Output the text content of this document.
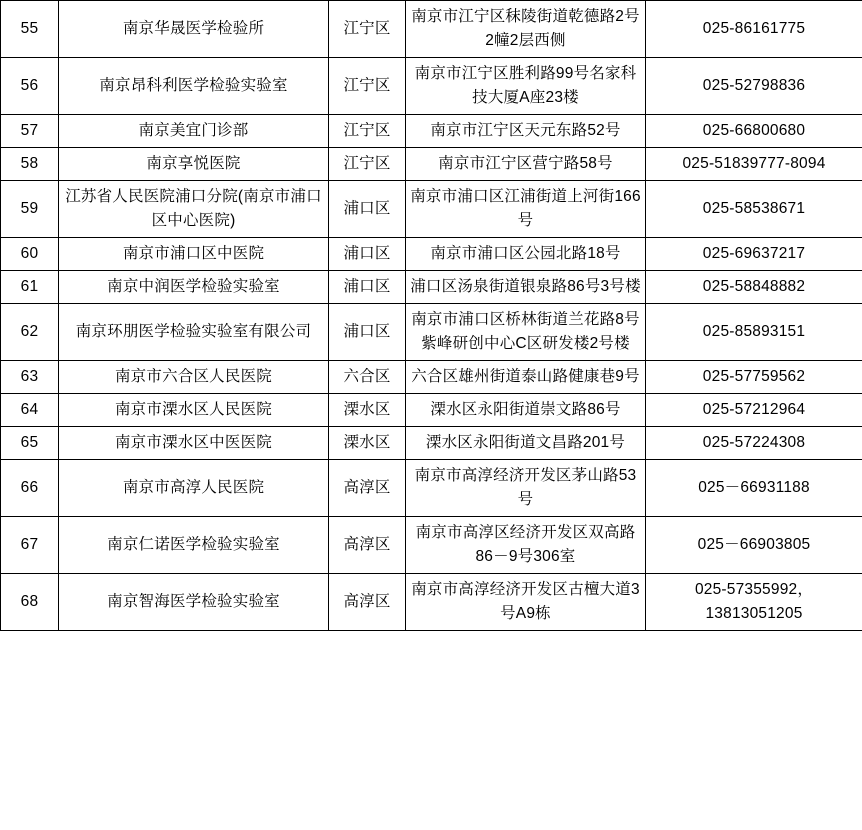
55	南京华晟医学检验所	江宁区	南京市江宁区秣陵街道乾德路2号2幢2层西侧	025-86161775
56	南京昂科利医学检验实验室	江宁区	南京市江宁区胜利路99号名家科技大厦A座23楼	025-52798836
57	南京美宜门诊部	江宁区	南京市江宁区天元东路52号	025-66800680
58	南京享悦医院	江宁区	南京市江宁区营宁路58号	025-51839777-8094
59	江苏省人民医院浦口分院(南京市浦口区中心医院)	浦口区	南京市浦口区江浦街道上河街166号	025-58538671
60	南京市浦口区中医院	浦口区	南京市浦口区公园北路18号	025-69637217
61	南京中润医学检验实验室	浦口区	浦口区汤泉街道银泉路86号3号楼	025-58848882
62	南京环朋医学检验实验室有限公司	浦口区	南京市浦口区桥林街道兰花路8号紫峰研创中心C区研发楼2号楼	025-85893151
63	南京市六合区人民医院	六合区	六合区雄州街道泰山路健康巷9号	025-57759562
64	南京市溧水区人民医院	溧水区	溧水区永阳街道崇文路86号	025-57212964
65	南京市溧水区中医医院	溧水区	溧水区永阳街道文昌路201号	025-57224308
66	南京市高淳人民医院	高淳区	南京市高淳经济开发区茅山路53号	025－66931188
67	南京仁诺医学检验实验室	高淳区	南京市高淳区经济开发区双高路86－9号306室	025－66903805
68	南京智海医学检验实验室	高淳区	南京市高淳经济开发区古檀大道3号A9栋	025-57355992，13813051205
